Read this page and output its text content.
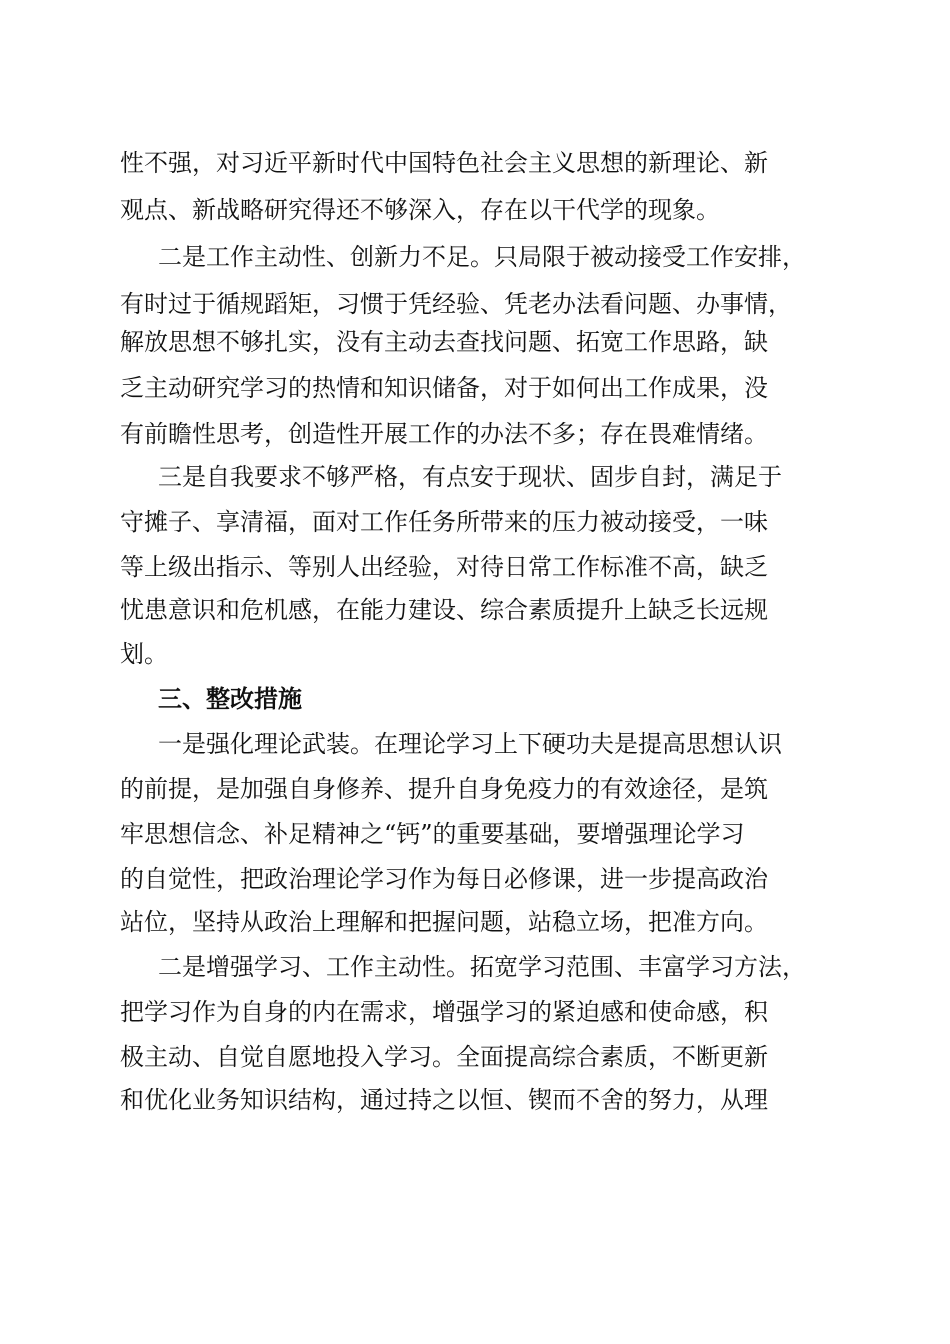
性不强，对习近平新时代中国特色社会主义思想的新理论、新
观点、新战略研究得还不够深入，存在以干代学的现象。
二是工作主动性、创新力不足。只局限于被动接受工作安排，
有时过于循规蹈矩，习惯于凭经验、凭老办法看问题、办事情，
解放思想不够扎实，没有主动去查找问题、拓宽工作思路，缺
乏主动研究学习的热情和知识储备，对于如何出工作成果，没
有前瞻性思考，创造性开展工作的办法不多；存在畏难情绪。
三是自我要求不够严格，有点安于现状、固步自封，满足于
守摊子、享清福，面对工作任务所带来的压力被动接受，一味
等上级出指示、等别人出经验，对待日常工作标准不高，缺乏
忧患意识和危机感，在能力建设、综合素质提升上缺乏长远规
划。
三、整改措施
一是强化理论武装。在理论学习上下硬功夫是提高思想认识
的前提，是加强自身修养、提升自身免疫力的有效途径，是筑
牢思想信念、补足精神之“钙”的重要基础，要增强理论学习
的自觉性，把政治理论学习作为每日必修课，进一步提高政治
站位，坚持从政治上理解和把握问题，站稳立场，把准方向。
二是增强学习、工作主动性。拓宽学习范围、丰富学习方法，
把学习作为自身的内在需求，增强学习的紧迫感和使命感，积
极主动、自觉自愿地投入学习。全面提高综合素质，不断更新
和优化业务知识结构，通过持之以恒、锲而不舍的努力，从理
